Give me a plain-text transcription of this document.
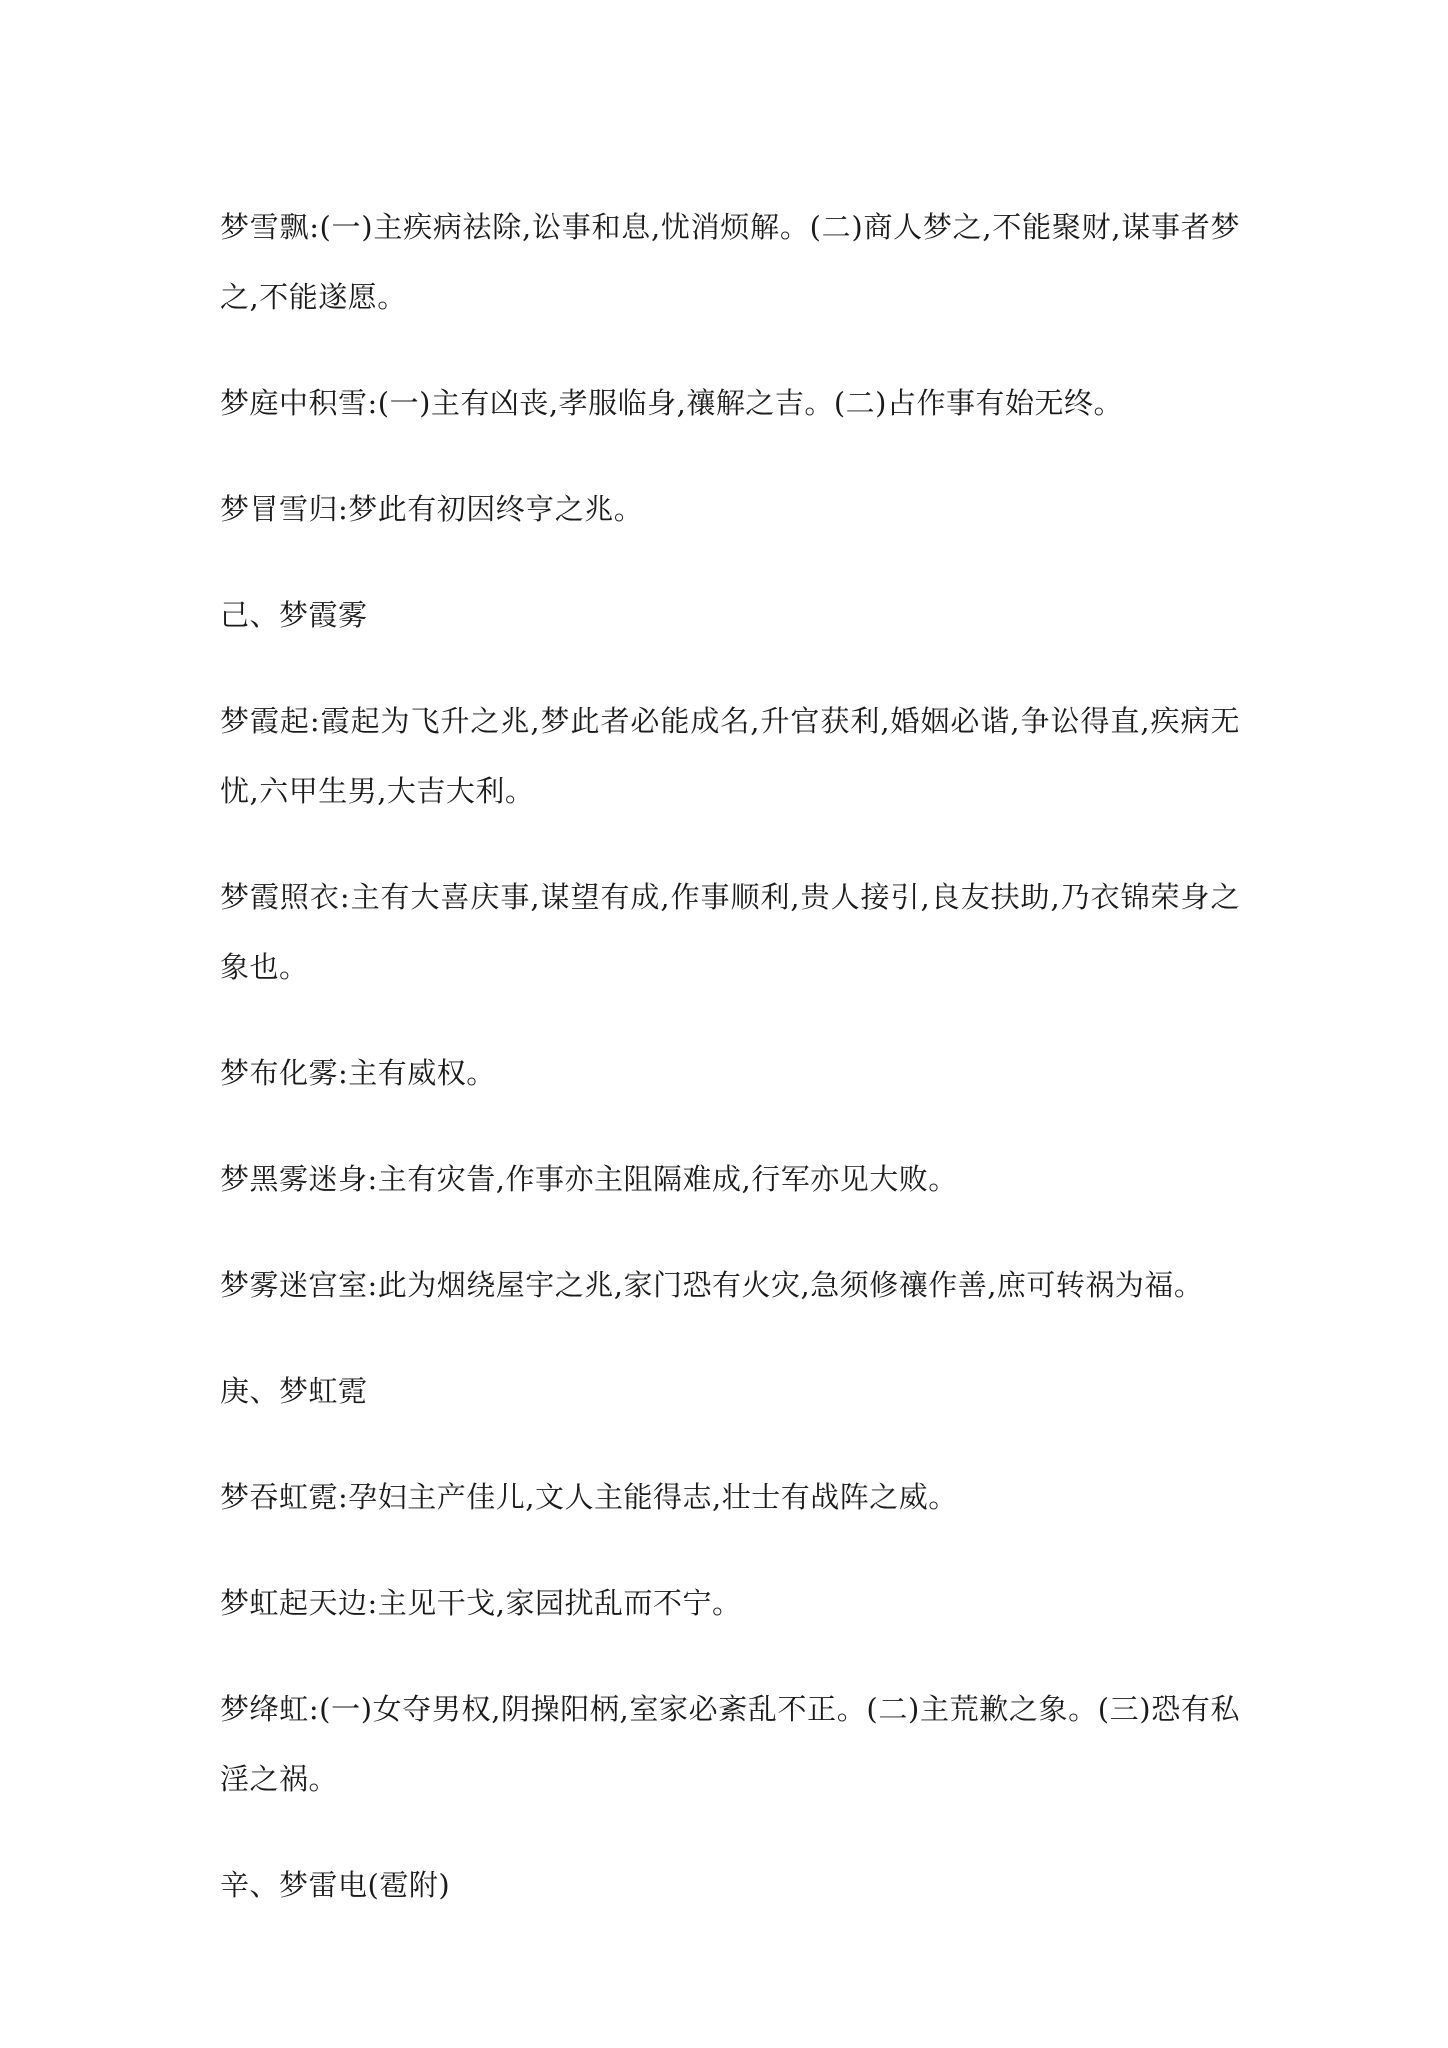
梦雪飘:(一)主疾病祛除,讼事和息,忧消烦解。(二)商人梦之,不能聚财,谋事者梦之,不能遂愿。

梦庭中积雪:(一)主有凶丧,孝服临身,禳解之吉。(二)占作事有始无终。

梦冒雪归:梦此有初因终亨之兆。

己、梦霞雾

梦霞起:霞起为飞升之兆,梦此者必能成名,升官获利,婚姻必谐,争讼得直,疾病无忧,六甲生男,大吉大利。

梦霞照衣:主有大喜庆事,谋望有成,作事顺利,贵人接引,良友扶助,乃衣锦荣身之象也。

梦布化雾:主有威权。

梦黑雾迷身:主有灾眚,作事亦主阻隔难成,行军亦见大败。

梦雾迷宫室:此为烟绕屋宇之兆,家门恐有火灾,急须修禳作善,庶可转祸为福。

庚、梦虹霓

梦吞虹霓:孕妇主产佳儿,文人主能得志,壮士有战阵之威。

梦虹起天边:主见干戈,家园扰乱而不宁。

梦绛虹:(一)女夺男权,阴操阳柄,室家必紊乱不正。(二)主荒歉之象。(三)恐有私淫之祸。

辛、梦雷电(雹附)
